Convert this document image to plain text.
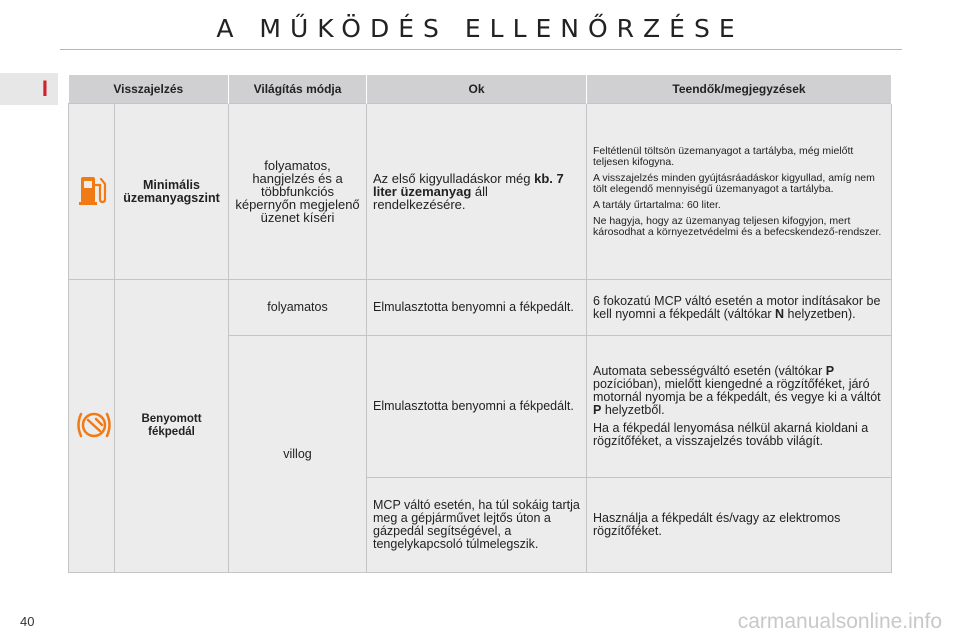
A MŰKÖDÉS ELLENŐRZÉSE
I	Visszajelzés		Világítás módja	Ok	Teendők/megjegyzések
	Minimális üzemanyagszint	folyamatos, hangjelzés és a többfunkciós képernyőn megjelenő üzenet kíséri	Az első kigyulladáskor még kb. 7 liter üzemanyag áll rendelkezésére.	Feltétlenül töltsön üzemanyagot a tartályba, még mielőtt teljesen kifogyna.

A visszajelzés minden gyújtásráadáskor kigyullad, amíg nem tölt elegendő mennyiségű üzemanyagot a tartályba.

A tartály űrtartalma: 60 liter.

Ne hagyja, hogy az üzemanyag teljesen kifogyjon, mert károsodhat a környezetvédelmi és a befecskendező-rendszer.

	Benyomott fékpedál	folyamatos	Elmulasztotta benyomni a fékpedált.	6 fokozatú MCP váltó esetén a motor indításakor be kell nyomni a fékpedált (váltókar N helyzetben).
		villog	Elmulasztotta benyomni a fékpedált.	Automata sebességváltó esetén (váltókar P pozícióban), mielőtt kiengedné a rögzítőféket, járó motornál nyomja be a fékpedált, és vegye ki a váltót P helyzetből.

Ha a fékpedál lenyomása nélkül akarná kioldani a rögzítőféket, a visszajelzés tovább világít.

			MCP váltó esetén, ha túl sokáig tartja meg a gépjárművet lejtős úton a gázpedál segítségével, a tengelykapcsoló túlmelegszik.	Használja a fékpedált és/vagy az elektromos rögzítőféket.
40	carmanualsonline.info
